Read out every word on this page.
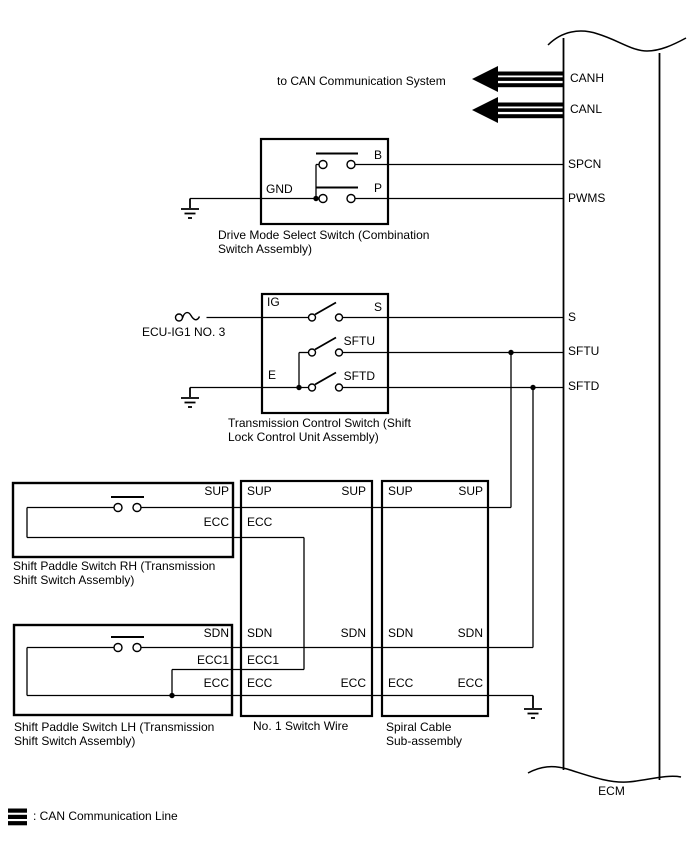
to CAN Communication System	CANH
CANL
SPCN
PWMS
S
SFTU
SFTD
ECM
GND
B
P
Drive Mode Select Switch (Combination
Switch Assembly)
ECU-IG1 NO. 3
IG
E
S
SFTU
SFTD
Transmission Control Switch (Shift
Lock Control Unit Assembly)
SUP
ECC
Shift Paddle Switch RH (Transmission
Shift Switch Assembly)
SDN
ECC1
ECC
Shift Paddle Switch LH (Transmission
Shift Switch Assembly)
SUP
ECC
SDN
ECC1
ECC
SUP
SDN
ECC
No. 1 Switch Wire
SUP
SDN
ECC
SUP
SDN
ECC
Spiral Cable
Sub-assembly
: CAN Communication Line
